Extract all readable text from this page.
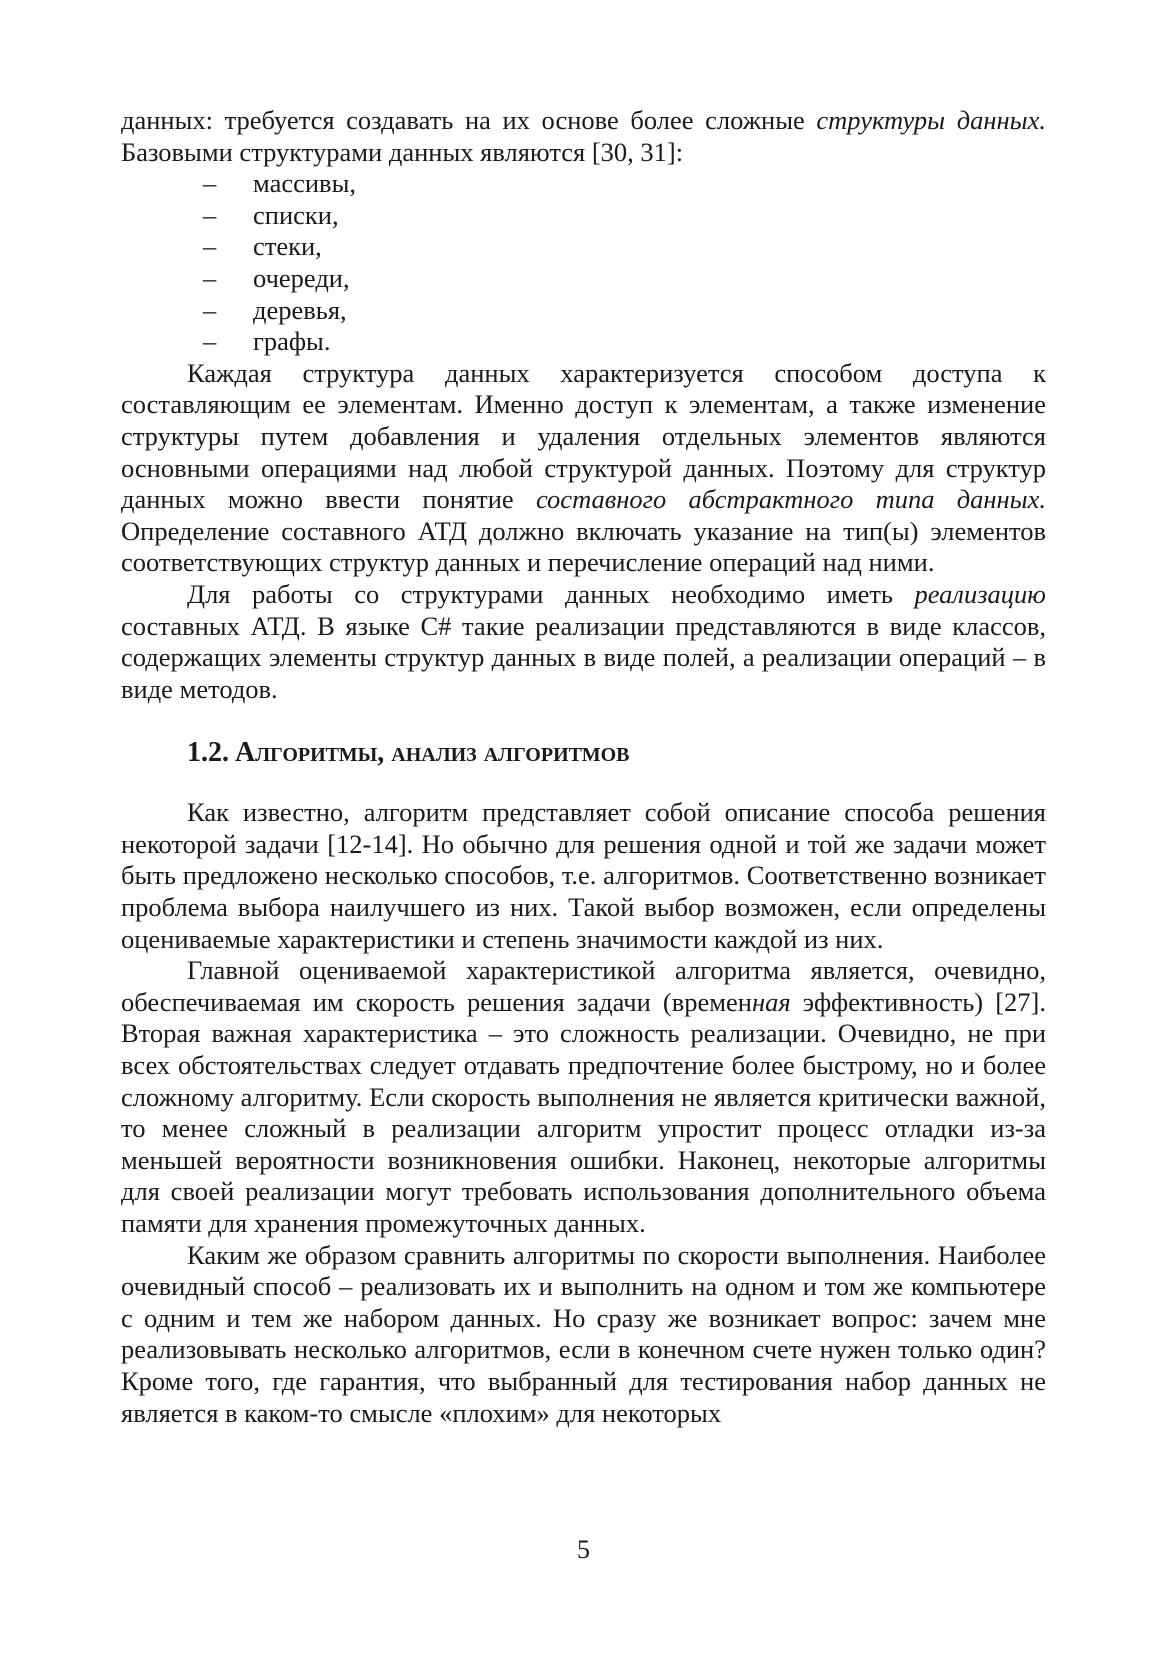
данных: требуется создавать на их основе более сложные структуры данных. Базовыми структурами данных являются [30, 31]:

– массивы,
– списки,
– стеки,
– очереди,
– деревья,
– графы.

Каждая структура данных характеризуется способом доступа к составляющим ее элементам. Именно доступ к элементам, а также изменение структуры путем добавления и удаления отдельных элементов являются основными операциями над любой структурой данных. Поэтому для структур данных можно ввести понятие составного абстрактного типа данных. Определение составного АТД должно включать указание на тип(ы) элементов соответствующих структур данных и перечисление операций над ними.

Для работы со структурами данных необходимо иметь реализацию составных АТД. В языке C# такие реализации представляются в виде классов, содержащих элементы структур данных в виде полей, а реализации операций – в виде методов.

1.2. Алгоритмы, анализ алгоритмов

Как известно, алгоритм представляет собой описание способа решения некоторой задачи [12-14]. Но обычно для решения одной и той же задачи может быть предложено несколько способов, т.е. алгоритмов. Соответственно возникает проблема выбора наилучшего из них. Такой выбор возможен, если определены оцениваемые характеристики и степень значимости каждой из них.

Главной оцениваемой характеристикой алгоритма является, очевидно, обеспечиваемая им скорость решения задачи (временная эффективность) [27]. Вторая важная характеристика – это сложность реализации. Очевидно, не при всех обстоятельствах следует отдавать предпочтение более быстрому, но и более сложному алгоритму. Если скорость выполнения не является критически важной, то менее сложный в реализации алгоритм упростит процесс отладки из-за меньшей вероятности возникновения ошибки. Наконец, некоторые алгоритмы для своей реализации могут требовать использования дополнительного объема памяти для хранения промежуточных данных.

Каким же образом сравнить алгоритмы по скорости выполнения. Наиболее очевидный способ – реализовать их и выполнить на одном и том же компьютере с одним и тем же набором данных. Но сразу же возникает вопрос: зачем мне реализовывать несколько алгоритмов, если в конечном счете нужен только один? Кроме того, где гарантия, что выбранный для тестирования набор данных не является в каком-то смысле «плохим» для некоторых

5
